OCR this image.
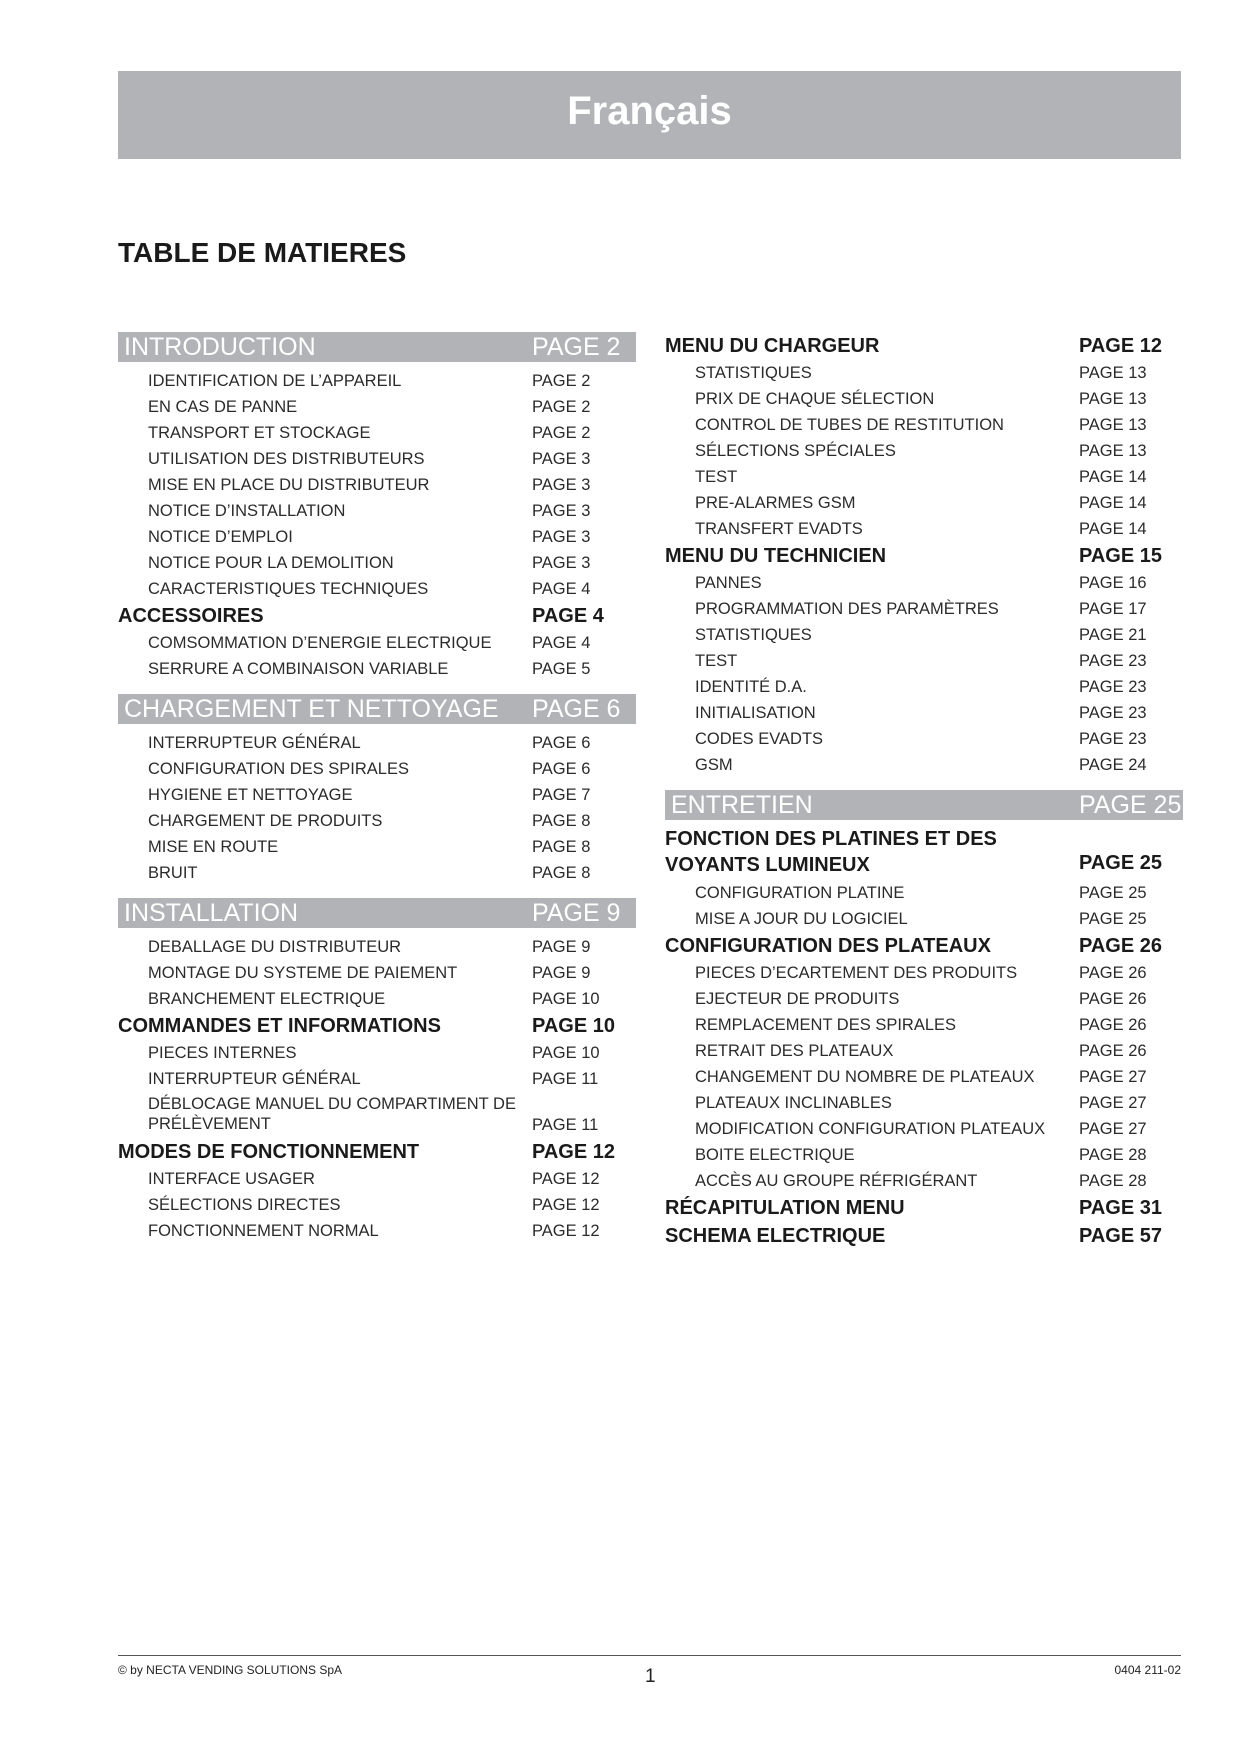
Français
TABLE DE MATIERES
INTRODUCTION	PAGE 2
IDENTIFICATION DE L’APPAREIL	PAGE 2
EN CAS DE PANNE	PAGE 2
TRANSPORT ET STOCKAGE	PAGE 2
UTILISATION DES DISTRIBUTEURS	PAGE 3
MISE EN PLACE DU DISTRIBUTEUR	PAGE 3
NOTICE D’INSTALLATION	PAGE 3
NOTICE D’EMPLOI	PAGE 3
NOTICE POUR LA DEMOLITION	PAGE 3
CARACTERISTIQUES TECHNIQUES	PAGE 4
ACCESSOIRES	PAGE 4
COMSOMMATION D’ENERGIE ELECTRIQUE PAGE 4
SERRURE A COMBINAISON VARIABLE	PAGE 5
CHARGEMENT ET NETTOYAGE PAGE 6
INTERRUPTEUR GÉNÉRAL	PAGE 6
CONFIGURATION DES SPIRALES	PAGE 6
HYGIENE ET NETTOYAGE	PAGE 7
CHARGEMENT DE PRODUITS	PAGE 8
MISE EN ROUTE	PAGE 8
BRUIT	PAGE 8
INSTALLATION	PAGE 9
DEBALLAGE DU DISTRIBUTEUR	PAGE 9
MONTAGE DU SYSTEME DE PAIEMENT	PAGE 9
BRANCHEMENT ELECTRIQUE	PAGE 10
COMMANDES ET INFORMATIONS	PAGE 10
PIECES INTERNES	PAGE 10
INTERRUPTEUR GÉNÉRAL	PAGE 11
DÉBLOCAGE MANUEL DU COMPARTIMENT DE PRÉLÈVEMENT	PAGE 11
MODES DE FONCTIONNEMENT	PAGE 12
INTERFACE USAGER	PAGE 12
SÉLECTIONS DIRECTES	PAGE 12
FONCTIONNEMENT NORMAL	PAGE 12
MENU DU CHARGEUR	PAGE 12
STATISTIQUES	PAGE 13
PRIX DE CHAQUE SÉLECTION	PAGE 13
CONTROL DE TUBES DE RESTITUTION	PAGE 13
SÉLECTIONS SPÉCIALES	PAGE 13
TEST	PAGE 14
PRE-ALARMES GSM	PAGE 14
TRANSFERT EVADTS	PAGE 14
MENU DU TECHNICIEN	PAGE 15
PANNES	PAGE 16
PROGRAMMATION DES PARAMÈTRES	PAGE 17
STATISTIQUES	PAGE 21
TEST	PAGE 23
IDENTITÉ D.A.	PAGE 23
INITIALISATION	PAGE 23
CODES EVADTS	PAGE 23
GSM	PAGE 24
ENTRETIEN	PAGE 25
FONCTION DES PLATINES ET DES VOYANTS LUMINEUX	PAGE 25
CONFIGURATION PLATINE	PAGE 25
MISE A JOUR DU LOGICIEL	PAGE 25
CONFIGURATION DES PLATEAUX	PAGE 26
PIECES D’ECARTEMENT DES PRODUITS	PAGE 26
EJECTEUR DE PRODUITS	PAGE 26
REMPLACEMENT DES SPIRALES	PAGE 26
RETRAIT DES PLATEAUX	PAGE 26
CHANGEMENT DU NOMBRE DE PLATEAUX	PAGE 27
PLATEAUX INCLINABLES	PAGE 27
MODIFICATION CONFIGURATION PLATEAUX PAGE 27
BOITE ELECTRIQUE	PAGE 28
ACCÈS AU GROUPE RÉFRIGÉRANT	PAGE 28
RÉCAPITULATION MENU	PAGE 31
SCHEMA ELECTRIQUE	PAGE 57
© by NECTA VENDING SOLUTIONS SpA	1	0404 211-02
